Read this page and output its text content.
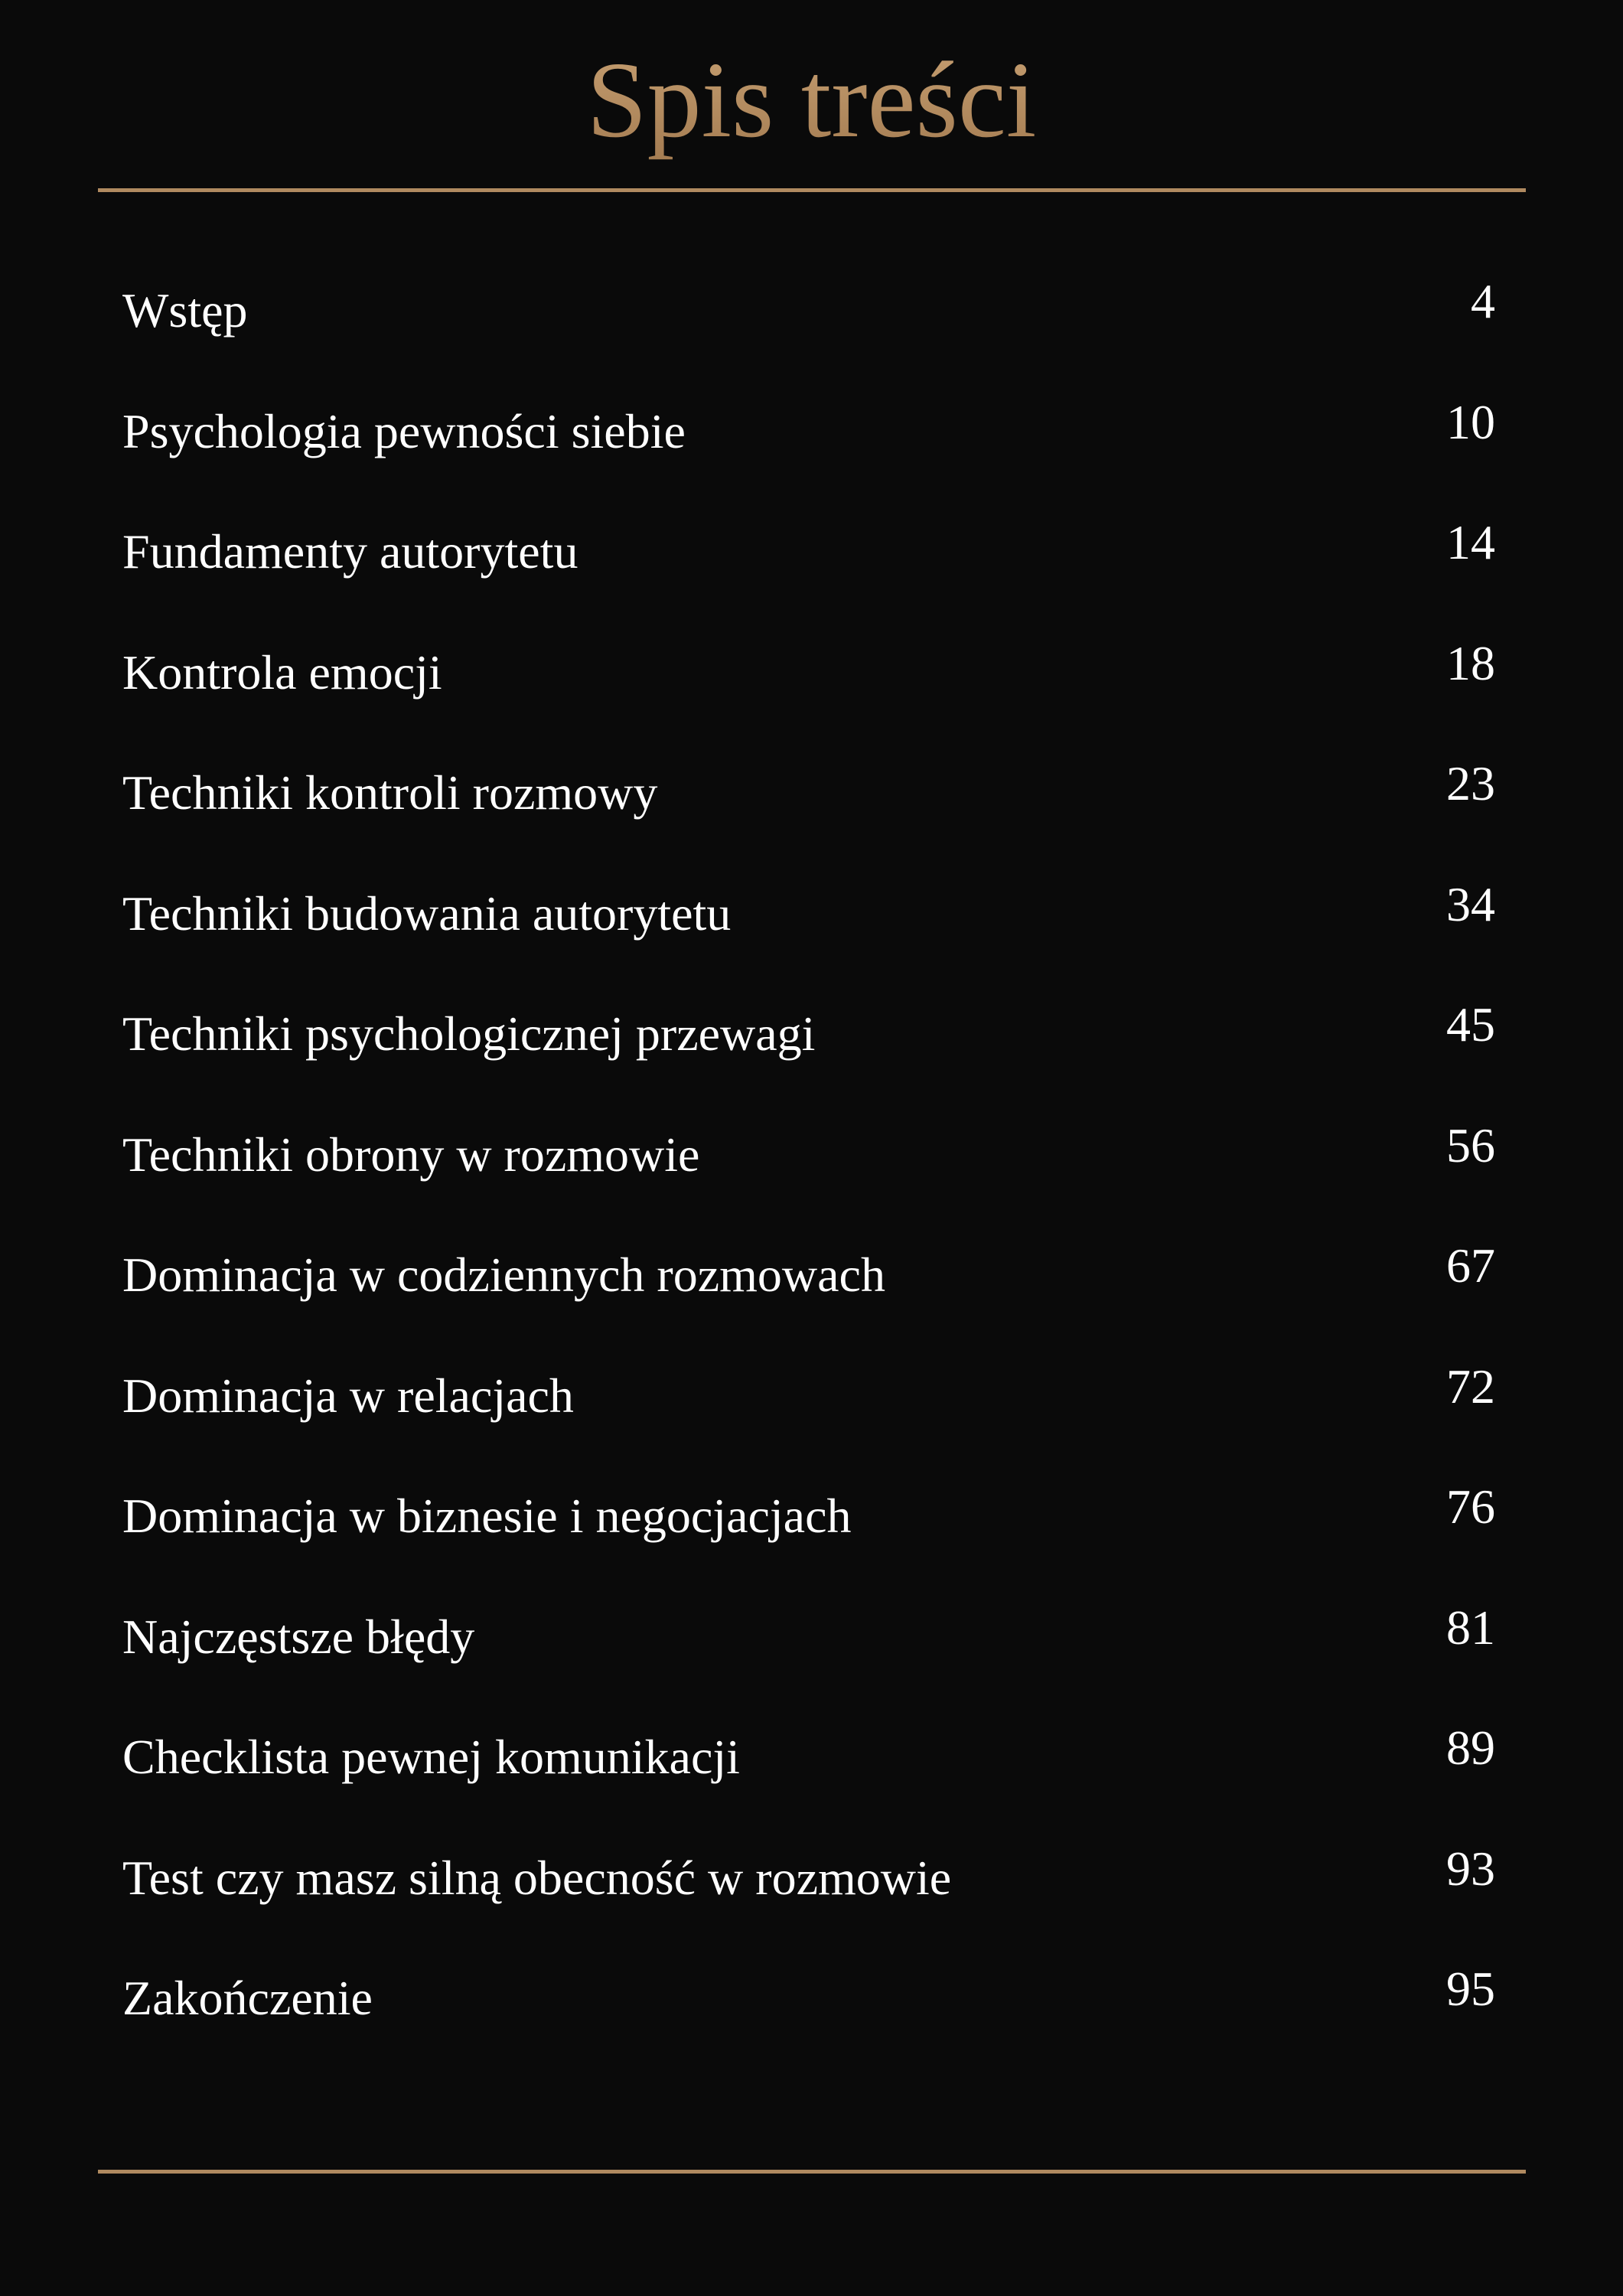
Spis treści
Wstęp	4
Psychologia pewności siebie	10
Fundamenty autorytetu	14
Kontrola emocji	18
Techniki kontroli rozmowy	23
Techniki budowania autorytetu	34
Techniki psychologicznej przewagi	45
Techniki obrony w rozmowie	56
Dominacja w codziennych rozmowach	67
Dominacja w relacjach	72
Dominacja w biznesie i negocjacjach	76
Najczęstsze błędy	81
Checklista pewnej komunikacji	89
Test czy masz silną obecność w rozmowie	93
Zakończenie	95
